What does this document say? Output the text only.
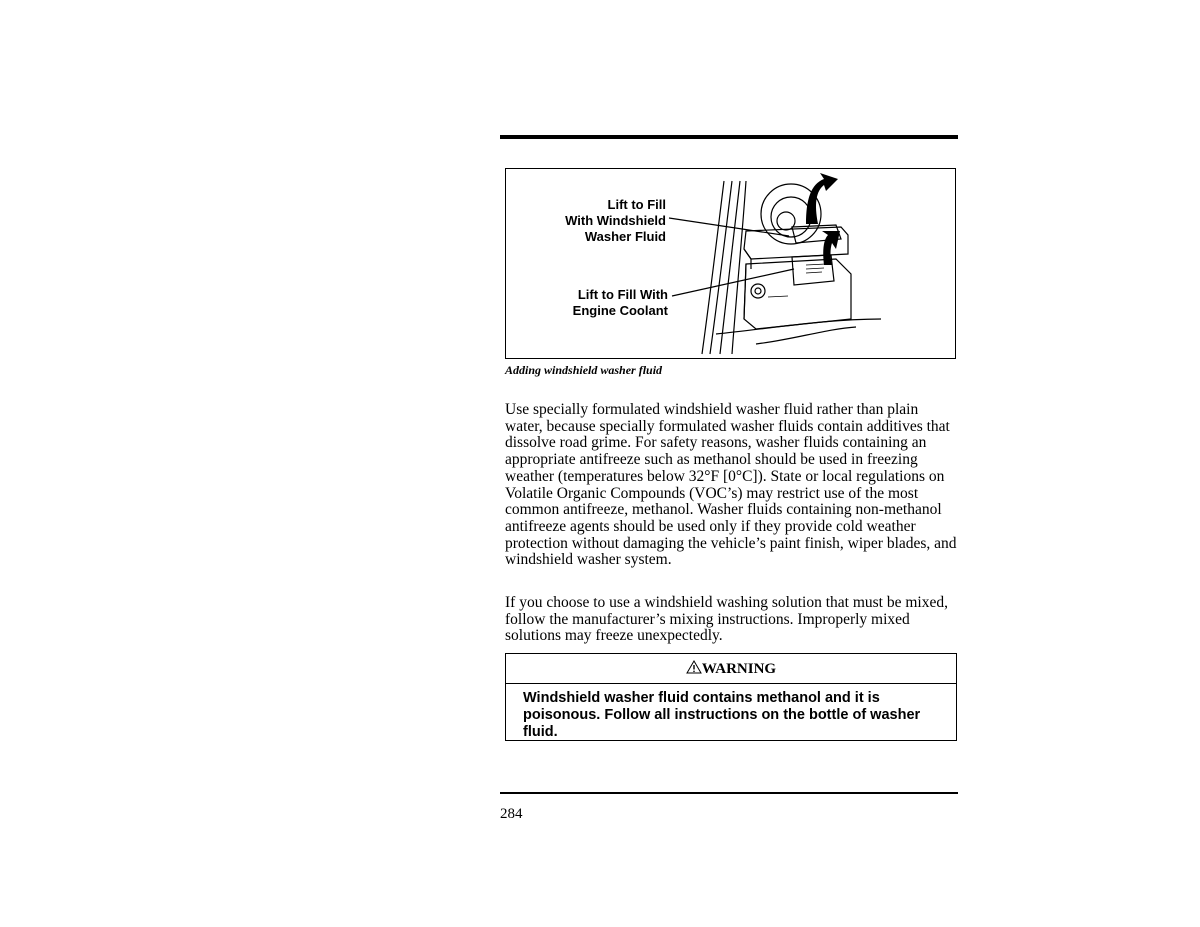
Lift to Fill
With Windshield
Washer Fluid
Lift to Fill With
Engine Coolant
Adding windshield washer fluid

Use specially formulated windshield washer fluid rather than plain water, because specially formulated washer fluids contain additives that dissolve road grime. For safety reasons, washer fluids containing an appropriate antifreeze such as methanol should be used in freezing weather (temperatures below 32°F [0°C]). State or local regulations on Volatile Organic Compounds (VOC’s) may restrict use of the most common antifreeze, methanol. Washer fluids containing non-methanol antifreeze agents should be used only if they provide cold weather protection without damaging the vehicle’s paint finish, wiper blades, and windshield washer system.

If you choose to use a windshield washing solution that must be mixed, follow the manufacturer’s mixing instructions. Improperly mixed solutions may freeze unexpectedly.

WARNING
Windshield washer fluid contains methanol and it is poisonous. Follow all instructions on the bottle of washer fluid.
284
